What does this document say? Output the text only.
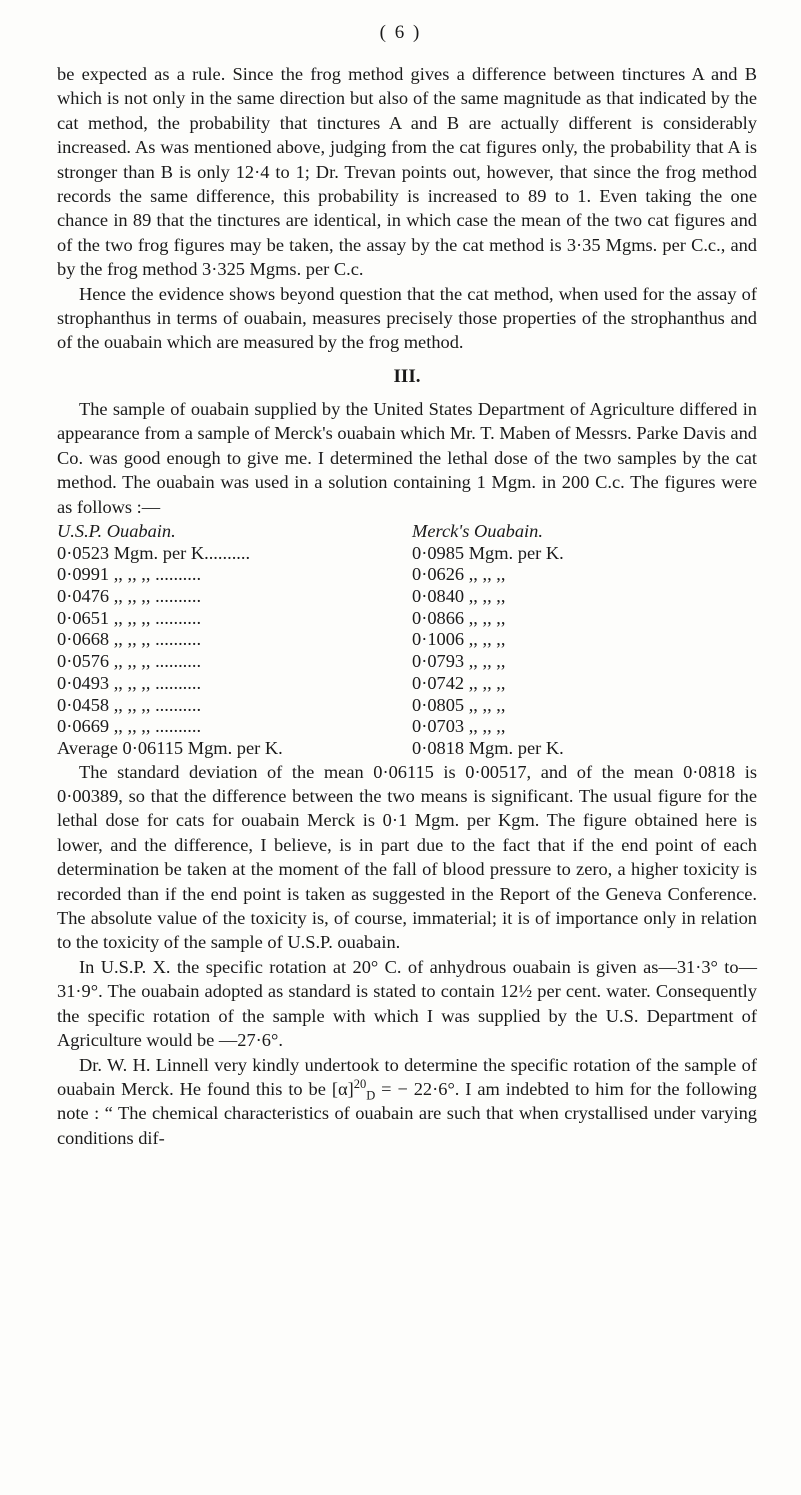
( 6 )

be expected as a rule. Since the frog method gives a difference between tinctures A and B which is not only in the same direction but also of the same magnitude as that indicated by the cat method, the probability that tinctures A and B are actually different is considerably increased. As was mentioned above, judging from the cat figures only, the probability that A is stronger than B is only 12·4 to 1; Dr. Trevan points out, however, that since the frog method records the same difference, this probability is increased to 89 to 1. Even taking the one chance in 89 that the tinctures are identical, in which case the mean of the two cat figures and of the two frog figures may be taken, the assay by the cat method is 3·35 Mgms. per C.c., and by the frog method 3·325 Mgms. per C.c.

Hence the evidence shows beyond question that the cat method, when used for the assay of strophanthus in terms of ouabain, measures precisely those properties of the strophanthus and of the ouabain which are measured by the frog method.

III.

The sample of ouabain supplied by the United States Department of Agriculture differed in appearance from a sample of Merck's ouabain which Mr. T. Maben of Messrs. Parke Davis and Co. was good enough to give me. I determined the lethal dose of the two samples by the cat method. The ouabain was used in a solution containing 1 Mgm. in 200 C.c. The figures were as follows :—

U.S.P. Ouabain.	Merck's Ouabain.
0·0523 Mgm. per K..........	0·0985 Mgm. per K.
0·0991 ,, ,, ,, ..........	0·0626 ,, ,, ,,
0·0476 ,, ,, ,, ..........	0·0840 ,, ,, ,,
0·0651 ,, ,, ,, ..........	0·0866 ,, ,, ,,
0·0668 ,, ,, ,, ..........	0·1006 ,, ,, ,,
0·0576 ,, ,, ,, ..........	0·0793 ,, ,, ,,
0·0493 ,, ,, ,, ..........	0·0742 ,, ,, ,,
0·0458 ,, ,, ,, ..........	0·0805 ,, ,, ,,
0·0669 ,, ,, ,, ..........	0·0703 ,, ,, ,,
Average 0·06115 Mgm. per K.	0·0818 Mgm. per K.

The standard deviation of the mean 0·06115 is 0·00517, and of the mean 0·0818 is 0·00389, so that the difference between the two means is significant. The usual figure for the lethal dose for cats for ouabain Merck is 0·1 Mgm. per Kgm. The figure obtained here is lower, and the difference, I believe, is in part due to the fact that if the end point of each determination be taken at the moment of the fall of blood pressure to zero, a higher toxicity is recorded than if the end point is taken as suggested in the Report of the Geneva Conference. The absolute value of the toxicity is, of course, immaterial; it is of importance only in relation to the toxicity of the sample of U.S.P. ouabain.

In U.S.P. X. the specific rotation at 20° C. of anhydrous ouabain is given as—31·3° to—31·9°. The ouabain adopted as standard is stated to contain 12½ per cent. water. Consequently the specific rotation of the sample with which I was supplied by the U.S. Department of Agriculture would be —27·6°.

Dr. W. H. Linnell very kindly undertook to determine the specific rotation of the sample of ouabain Merck. He found this to be $[\alpha]^{20}_D$ = − 22·6°. I am indebted to him for the following note : “ The chemical characteristics of ouabain are such that when crystallised under varying conditions dif-
